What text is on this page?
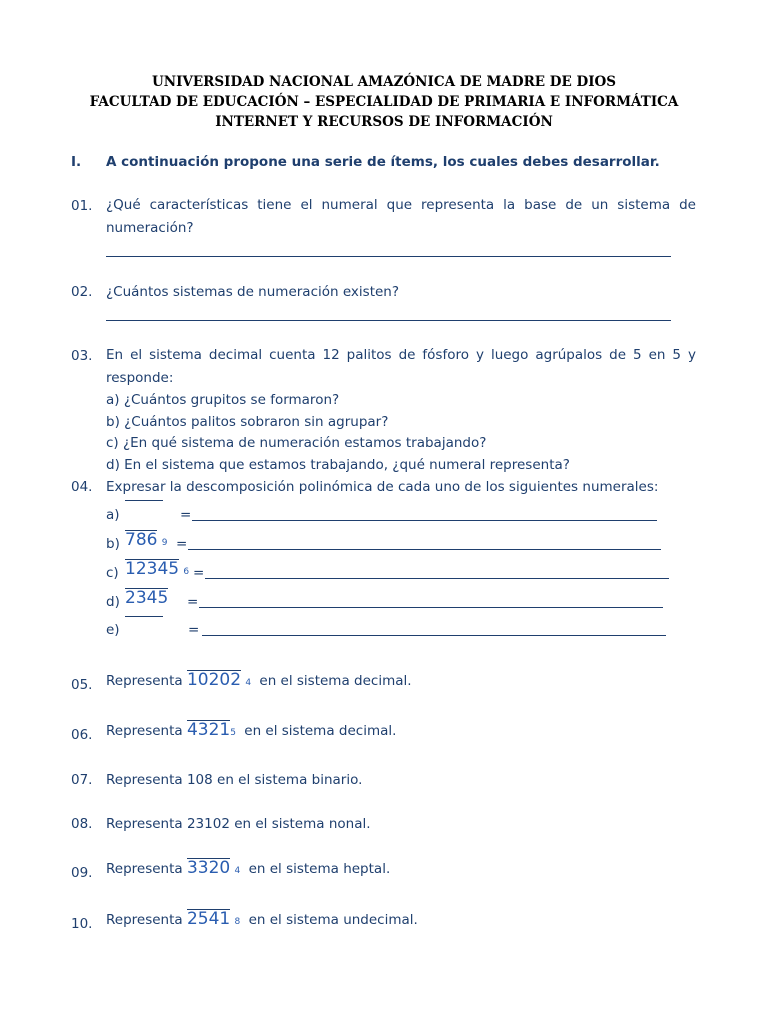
UNIVERSIDAD NACIONAL AMAZÓNICA DE MADRE DE DIOS
FACULTAD DE EDUCACIÓN – ESPECIALIDAD DE PRIMARIA E INFORMÁTICA
INTERNET Y RECURSOS DE INFORMACIÓN
I. A continuación propone una serie de ítems, los cuales debes desarrollar.
01. ¿Qué características tiene el numeral que representa la base de un sistema de numeración?
02. ¿Cuántos sistemas de numeración existen?
03. En el sistema decimal cuenta 12 palitos de fósforo y luego agrúpalos de 5 en 5 y responde:
a) ¿Cuántos grupitos se formaron?
b) ¿Cuántos palitos sobraron sin agrupar?
c) ¿En qué sistema de numeración estamos trabajando?
d) En el sistema que estamos trabajando, ¿qué numeral representa?
04. Expresar la descomposición polinómica de cada uno de los siguientes numerales:
a)	=
b) 786 9 =
c) 12345 6 =
d) 2345 =
e)	=
05. Representa 10202 4 en el sistema decimal.
06. Representa 43215 en el sistema decimal.
07. Representa 108 en el sistema binario.
08. Representa 23102 en el sistema nonal.
09. Representa 3320 4 en el sistema heptal.
10. Representa 2541 8 en el sistema undecimal.
